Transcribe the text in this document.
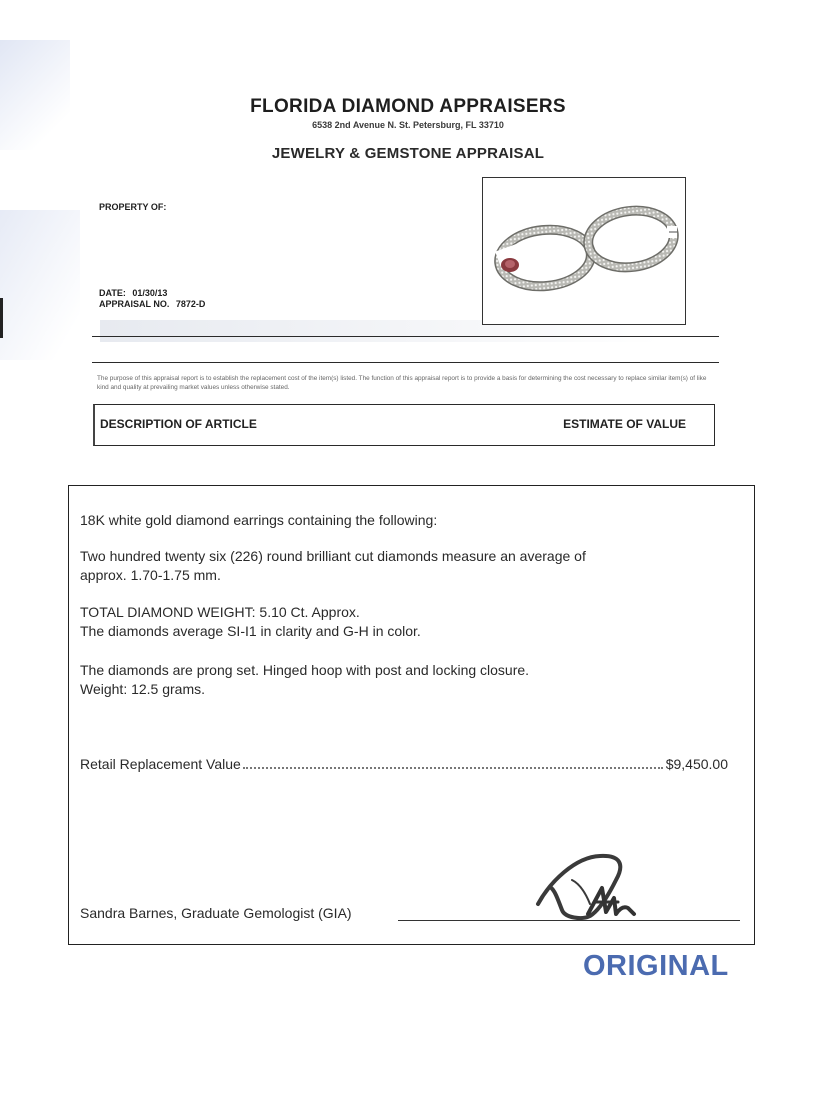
FLORIDA DIAMOND APPRAISERS
6538 2nd Avenue N. St. Petersburg, FL 33710
JEWELRY & GEMSTONE APPRAISAL
PROPERTY OF:
DATE: 01/30/13
APPRAISAL NO. 7872-D
The purpose of this appraisal report is to establish the replacement cost of the item(s) listed. The function of this appraisal report is to provide a basis for determining the cost necessary to replace similar item(s) of like kind and quality at prevailing market values unless otherwise stated.
DESCRIPTION OF ARTICLE	ESTIMATE OF VALUE
18K white gold diamond earrings containing the following:
Two hundred twenty six (226) round brilliant cut diamonds measure an average of
approx. 1.70-1.75 mm.
TOTAL DIAMOND WEIGHT: 5.10 Ct. Approx.
The diamonds average SI-I1 in clarity and G-H in color.
The diamonds are prong set. Hinged hoop with post and locking closure.
Weight: 12.5 grams.
Retail Replacement Value	$9,450.00
Sandra Barnes, Graduate Gemologist (GIA)
ORIGINAL
